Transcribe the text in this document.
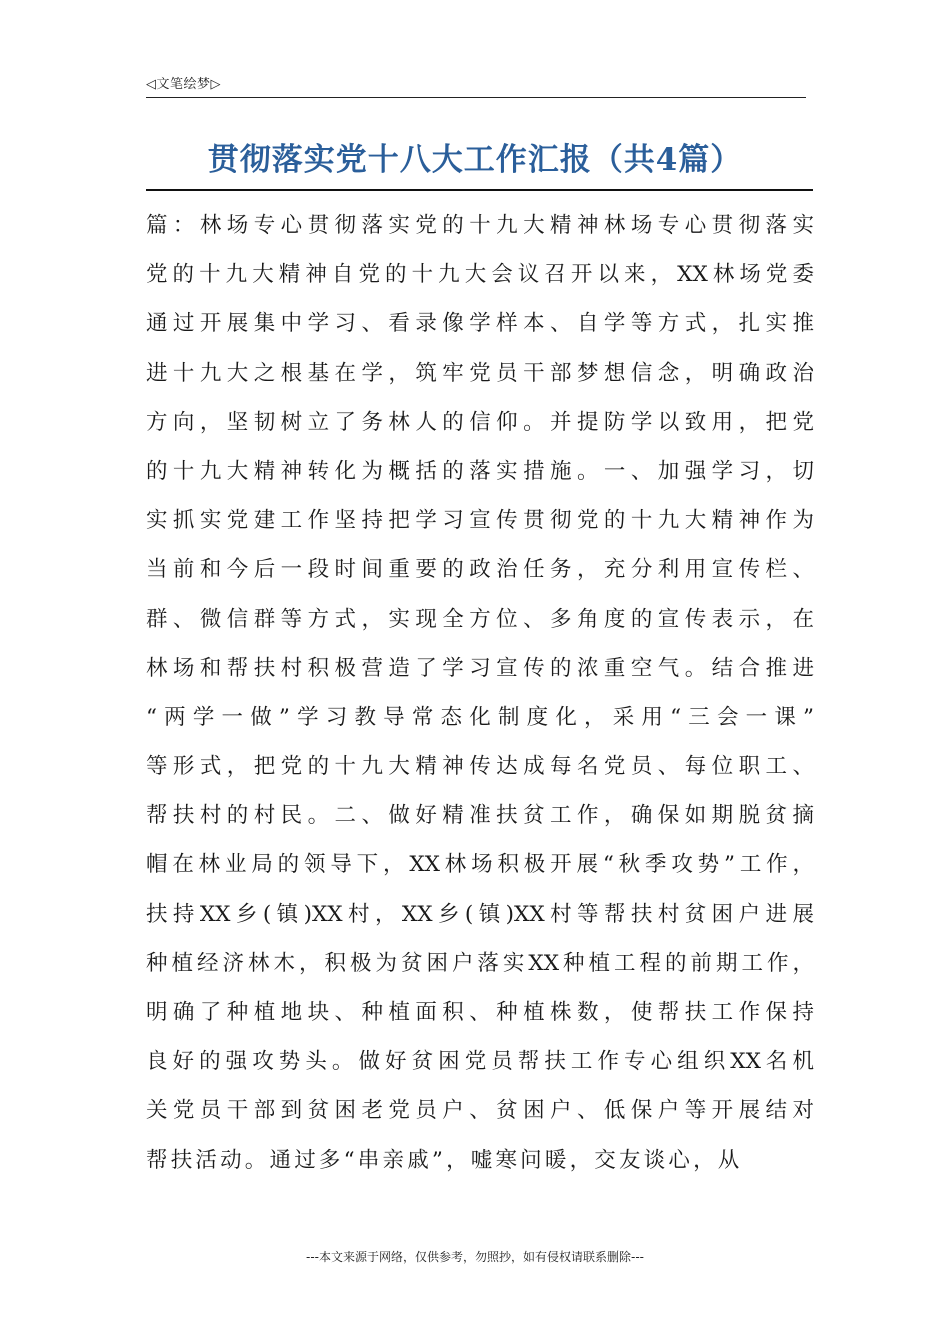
◁文笔绘梦▷
贯彻落实党十八大工作汇报（共4篇）
篇：林场专心贯彻落实党的十九大精神林场专心贯彻落实
党的十九大精神自党的十九大会议召开以来，XX林场党委
通过开展集中学习、看录像学样本、自学等方式，扎实推
进十九大之根基在学，筑牢党员干部梦想信念，明确政治
方向，坚韧树立了务林人的信仰。并提防学以致用，把党
的十九大精神转化为概括的落实措施。一、加强学习，切
实抓实党建工作坚持把学习宣传贯彻党的十九大精神作为
当前和今后一段时间重要的政治任务，充分利用宣传栏、
群、微信群等方式，实现全方位、多角度的宣传表示，在
林场和帮扶村积极营造了学习宣传的浓重空气。结合推进
“两学一做”学习教导常态化制度化，采用“三会一课”
等形式，把党的十九大精神传达成每名党员、每位职工、
帮扶村的村民。二、做好精准扶贫工作，确保如期脱贫摘
帽在林业局的领导下，XX林场积极开展“秋季攻势”工作，
扶持XX乡(镇)XX村，XX乡(镇)XX村等帮扶村贫困户进展
种植经济林木，积极为贫困户落实XX种植工程的前期工作，
明确了种植地块、种植面积、种植株数，使帮扶工作保持
良好的强攻势头。做好贫困党员帮扶工作专心组织XX名机
关党员干部到贫困老党员户、贫困户、低保户等开展结对
帮扶活动。通过多“串亲戚”，嘘寒问暖，交友谈心，从
---本文来源于网络，仅供参考，勿照抄，如有侵权请联系删除---
